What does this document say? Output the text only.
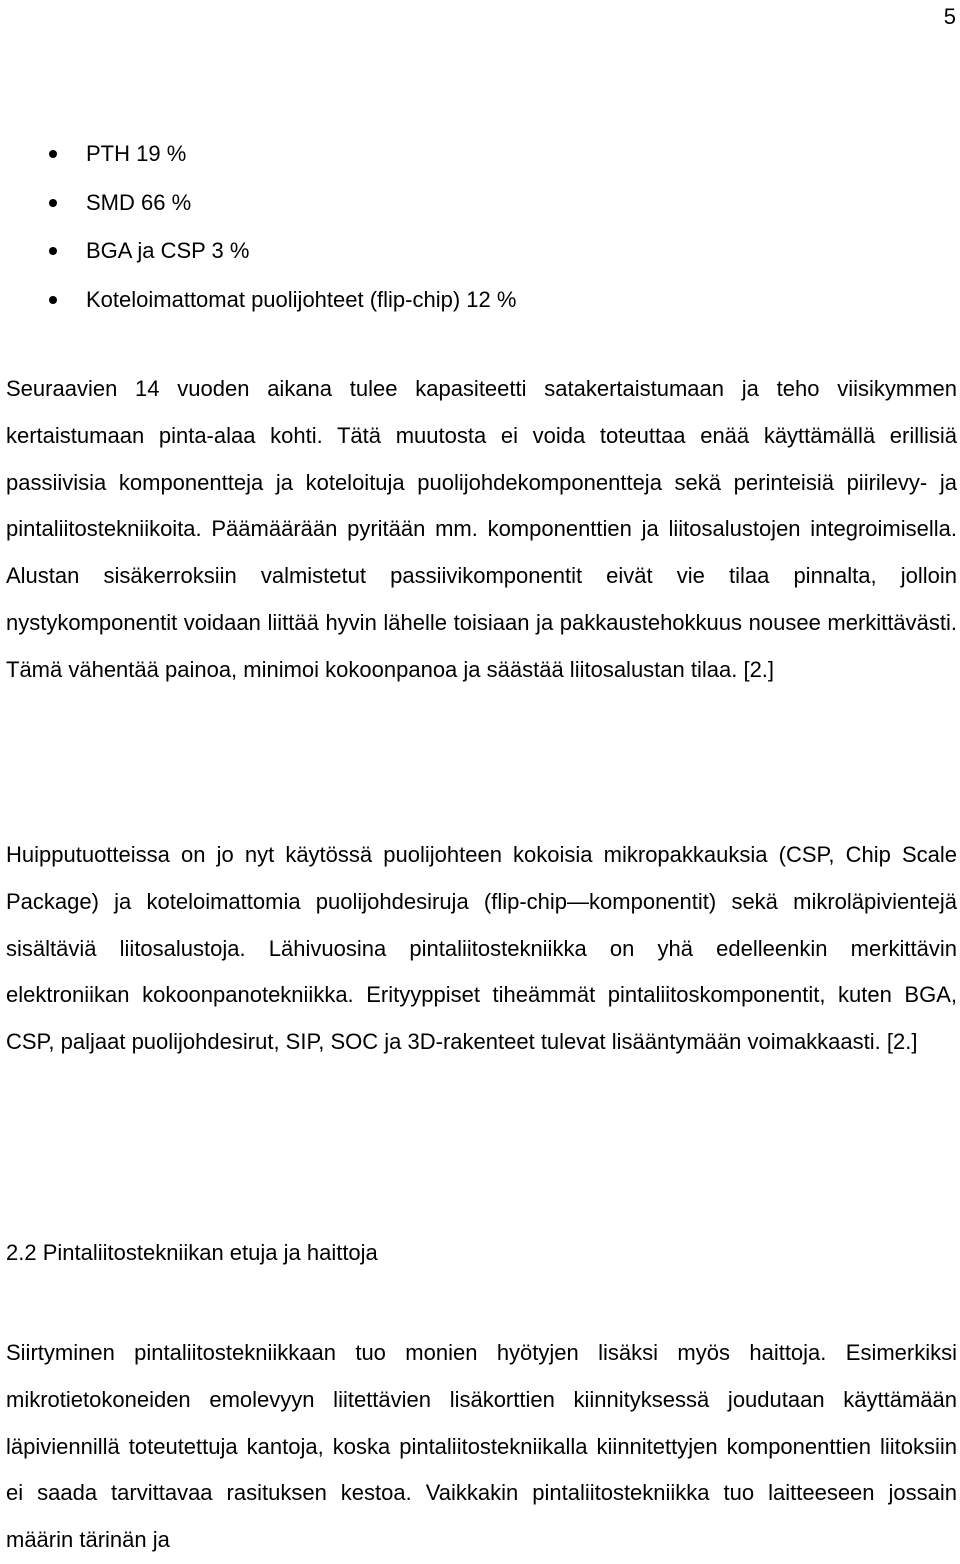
5
PTH 19 %
SMD 66 %
BGA ja CSP 3 %
Koteloimattomat puolijohteet (flip-chip) 12 %

Seuraavien 14 vuoden aikana tulee kapasiteetti satakertaistumaan ja teho viisikymmen kertaistumaan pinta-alaa kohti. Tätä muutosta ei voida toteuttaa enää käyttämällä erillisiä passiivisia komponentteja ja koteloituja puolijohdekomponentteja sekä perinteisiä piirilevy- ja pintaliitostekniikoita. Päämäärään pyritään mm. komponenttien ja liitosalustojen integroimisella. Alustan sisäkerroksiin valmistetut passiivikomponentit eivät vie tilaa pinnalta, jolloin nystykomponentit voidaan liittää hyvin lähelle toisiaan ja pakkaustehokkuus nousee merkittävästi. Tämä vähentää painoa, minimoi kokoonpanoa ja säästää liitosalustan tilaa. [2.]

Huipputuotteissa on jo nyt käytössä puolijohteen kokoisia mikropakkauksia (CSP, Chip Scale Package) ja koteloimattomia puolijohdesiruja (flip-chip—komponentit) sekä mikroläpivientejä sisältäviä liitosalustoja. Lähivuosina pintaliitostekniikka on yhä edelleenkin merkittävin elektroniikan kokoonpanotekniikka. Erityyppiset tiheämmät pintaliitoskomponentit, kuten BGA, CSP, paljaat puolijohdesirut, SIP, SOC ja 3D-rakenteet tulevat lisääntymään voimakkaasti. [2.]

2.2 Pintaliitostekniikan etuja ja haittoja

Siirtyminen pintaliitostekniikkaan tuo monien hyötyjen lisäksi myös haittoja. Esimerkiksi mikrotietokoneiden emolevyyn liitettävien lisäkorttien kiinnityksessä joudutaan käyttämään läpiviennillä toteutettuja kantoja, koska pintaliitostekniikalla kiinnitettyjen komponenttien liitoksiin ei saada tarvittavaa rasituksen kestoa. Vaikkakin pintaliitostekniikka tuo laitteeseen jossain määrin tärinän ja
